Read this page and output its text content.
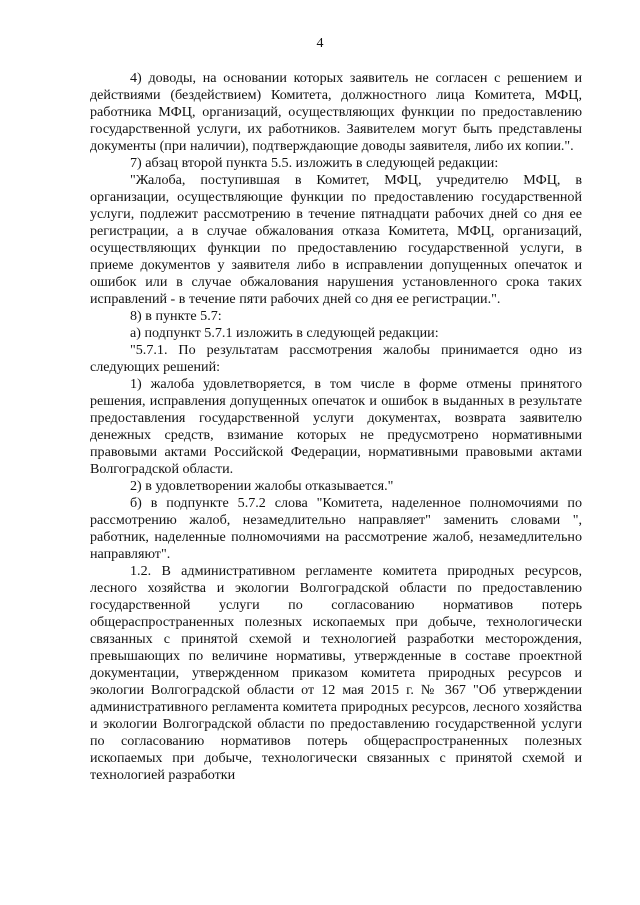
4

4) доводы, на основании которых заявитель не согласен с решением и действиями (бездействием) Комитета, должностного лица Комитета, МФЦ, работника МФЦ, организаций, осуществляющих функции по предоставлению государственной услуги, их работников. Заявителем могут быть представлены документы (при наличии), подтверждающие доводы заявителя, либо их копии.".

7) абзац второй пункта 5.5. изложить в следующей редакции:

"Жалоба, поступившая в Комитет, МФЦ, учредителю МФЦ, в организации, осуществляющие функции по предоставлению государственной услуги, подлежит рассмотрению в течение пятнадцати рабочих дней со дня ее регистрации, а в случае обжалования отказа Комитета, МФЦ, организаций, осуществляющих функции по предоставлению государственной услуги, в приеме документов у заявителя либо в исправлении допущенных опечаток и ошибок или в случае обжалования нарушения установленного срока таких исправлений - в течение пяти рабочих дней со дня ее регистрации.".

8) в пункте 5.7:

а) подпункт 5.7.1 изложить в следующей редакции:

"5.7.1. По результатам рассмотрения жалобы принимается одно из следующих решений:

1) жалоба удовлетворяется, в том числе в форме отмены принятого решения, исправления допущенных опечаток и ошибок в выданных в результате предоставления государственной услуги документах, возврата заявителю денежных средств, взимание которых не предусмотрено нормативными правовыми актами Российской Федерации, нормативными правовыми актами Волгоградской области.

2) в удовлетворении жалобы отказывается."

б) в подпункте 5.7.2 слова "Комитета, наделенное полномочиями по рассмотрению жалоб, незамедлительно направляет" заменить словами ", работник, наделенные полномочиями на рассмотрение жалоб, незамедлительно направляют".

1.2. В административном регламенте комитета природных ресурсов, лесного хозяйства и экологии Волгоградской области по предоставлению государственной услуги по согласованию нормативов потерь общераспространенных полезных ископаемых при добыче, технологически связанных с принятой схемой и технологией разработки месторождения, превышающих по величине нормативы, утвержденные в составе проектной документации, утвержденном приказом комитета природных ресурсов и экологии Волгоградской области от 12 мая 2015 г. № 367 "Об утверждении административного регламента комитета природных ресурсов, лесного хозяйства и экологии Волгоградской области по предоставлению государственной услуги по согласованию нормативов потерь общераспространенных полезных ископаемых при добыче, технологически связанных с принятой схемой и технологией разработки
